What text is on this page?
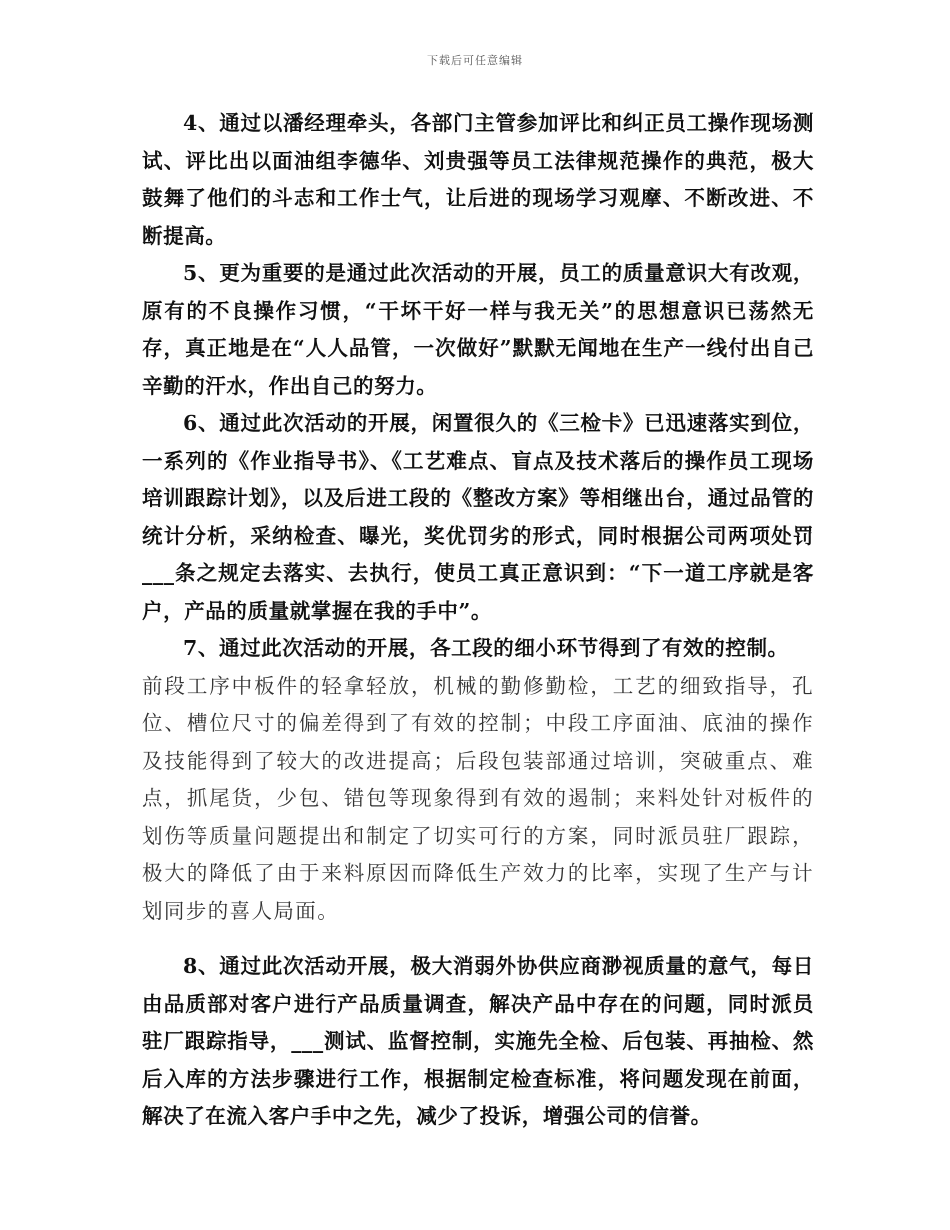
下载后可任意编辑

4、通过以潘经理牵头，各部门主管参加评比和纠正员工操作现场测试、评比出以面油组李德华、刘贵强等员工法律规范操作的典范，极大鼓舞了他们的斗志和工作士气，让后进的现场学习观摩、不断改进、不断提高。

5、更为重要的是通过此次活动的开展，员工的质量意识大有改观，原有的不良操作习惯，“干坏干好一样与我无关”的思想意识已荡然无存，真正地是在“人人品管，一次做好”默默无闻地在生产一线付出自己辛勤的汗水，作出自己的努力。

6、通过此次活动的开展，闲置很久的《三检卡》已迅速落实到位，一系列的《作业指导书》、《工艺难点、盲点及技术落后的操作员工现场培训跟踪计划》，以及后进工段的《整改方案》等相继出台，通过品管的统计分析，采纳检查、曝光，奖优罚劣的形式，同时根据公司两项处罚___条之规定去落实、去执行，使员工真正意识到：“下一道工序就是客户，产品的质量就掌握在我的手中”。

7、通过此次活动的开展，各工段的细小环节得到了有效的控制。

前段工序中板件的轻拿轻放，机械的勤修勤检，工艺的细致指导，孔位、槽位尺寸的偏差得到了有效的控制；中段工序面油、底油的操作及技能得到了较大的改进提高；后段包装部通过培训，突破重点、难点，抓尾货，少包、错包等现象得到有效的遏制；来料处针对板件的划伤等质量问题提出和制定了切实可行的方案，同时派员驻厂跟踪，极大的降低了由于来料原因而降低生产效力的比率，实现了生产与计划同步的喜人局面。

8、通过此次活动开展，极大消弱外协供应商渺视质量的意气，每日由品质部对客户进行产品质量调查，解决产品中存在的问题，同时派员驻厂跟踪指导，___测试、监督控制，实施先全检、后包装、再抽检、然后入库的方法步骤进行工作，根据制定检查标准，将问题发现在前面，解决了在流入客户手中之先，减少了投诉，增强公司的信誉。
